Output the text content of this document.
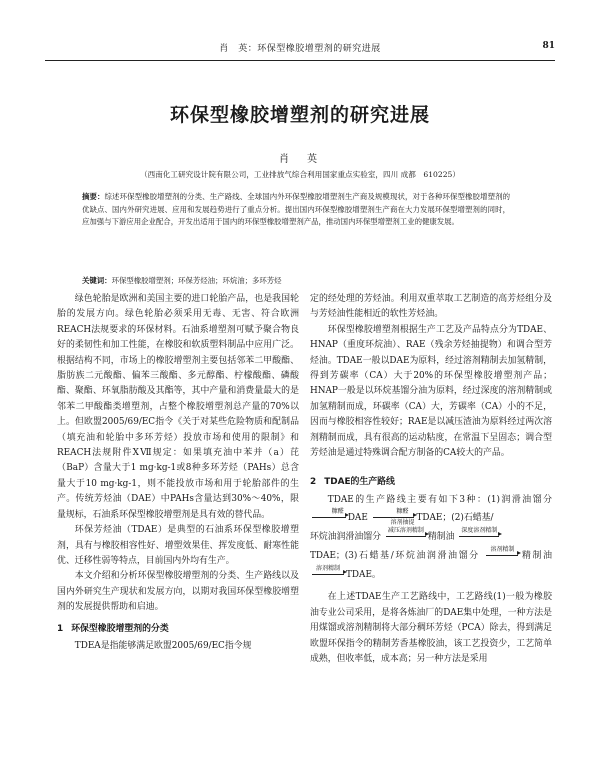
肖　英：环保型橡胶增塑剂的研究进展	81
环保型橡胶增塑剂的研究进展
肖　英
（西南化工研究设计院有限公司，工业排放气综合利用国家重点实验室，四川 成都　610225）
摘要：综述环保型橡胶增塑剂的分类、生产路线、全球国内外环保型橡胶增塑剂生产商及规模现状，对于各种环保型橡胶增塑剂的优缺点、国内外研究进展、应用和发展趋势进行了重点分析。提出国内环保型橡胶增塑剂生产商在大力发展环保型增塑剂的同时，应加强与下游应用企业配合，开发出适用于国内的环保型橡胶增塑剂产品，推动国内环保型增塑剂工业的健康发展。
关键词：环保型橡胶增塑剂；环保芳烃油；环烷油；多环芳烃

绿色轮胎是欧洲和美国主要的进口轮胎产品，也是我国轮胎的发展方向。绿色轮胎必须采用无毒、无害、符合欧洲REACH法规要求的环保材料。石油系增塑剂可赋予聚合物良好的柔韧性和加工性能，在橡胶和软质塑料制品中应用广泛。根据结构不同，市场上的橡胶增塑剂主要包括邻苯二甲酸酯、脂肪族二元酸酯、偏苯三酸酯、多元醇酯、柠檬酸酯、磷酸酯、聚酯、环氧脂肪酸及其酯等，其中产量和消费量最大的是邻苯二甲酸酯类增塑剂，占整个橡胶增塑剂总产量的70%以上。但欧盟2005/69/EC指令《关于对某些危险物质和配制品（填充油和轮胎中多环芳烃）投放市场和使用的限制》和REACH法规附件XⅦ规定：如果填充油中苯并（a）芘（BaP）含量大于1 mg·kg-1或8种多环芳烃（PAHs）总含量大于10 mg·kg-1，则不能投放市场和用于轮胎部件的生产。传统芳烃油（DAE）中PAHs含量达到30%～40%，限量规标，石油系环保型橡胶增塑剂是具有效的替代品。

环保芳烃油（TDAE）是典型的石油系环保型橡胶增塑剂，具有与橡胶相容性好、增塑效果佳、挥发度低、耐寒性能优、迁移性弱等特点，目前国内外均有生产。

本文介绍和分析环保型橡胶增塑剂的分类、生产路线以及国内外研究生产现状和发展方向，以期对我国环保型橡胶增塑剂的发展提供帮助和启迪。

1 环保型橡胶增塑剂的分类

TDEA是指能够满足欧盟2005/69/EC指令规

定的经处理的芳烃油。利用双重萃取工艺制造的高芳烃组分及与芳烃油性能相近的软性芳烃油。

环保型橡胶增塑剂根据生产工艺及产品特点分为TDAE、HNAP（重度环烷油）、RAE（残余芳烃抽提物）和调合型芳烃油。TDAE一般以DAE为原料，经过溶剂精制去加氢精制，得到芳碳率（CA）大于20%的环保型橡胶增塑剂产品；HNAP一般是以环烷基馏分油为原料，经过深度的溶剂精制或加氢精制而成，环碳率（CA）大，芳碳率（CA）小的不足，因而与橡胶相容性较好；RAE是以减压渣油为原料经过两次溶剂精制而成，具有很高的运动粘度，在常温下呈固态；调合型芳烃油是通过特殊调合配方制备的CA较大的产品。

2 TDAE的生产路线

TDAE的生产路线主要有如下3种：(1)润滑油馏分
糠醛

DAE
糠醛
溶剂抽提 TDAE；(2)石蜡基/

环烷油润滑油馏分
减压溶剂精制

精制油
深度溶剂精制

TDAE；(3)石蜡基/环烷油润滑油馏分
溶剂精制

精制油
溶剂精制

TDAE。

在上述TDAE生产工艺路线中，工艺路线(1)一般为橡胶油专业公司采用，是将各炼油厂的DAE集中处理，一种方法是用煤馏或溶剂精制将大部分稠环芳烃（PCA）除去，得到满足欧盟环保指令的精制芳香基橡胶油，该工艺投资少，工艺简单成熟，但收率低，成本高；另一种方法是采用
